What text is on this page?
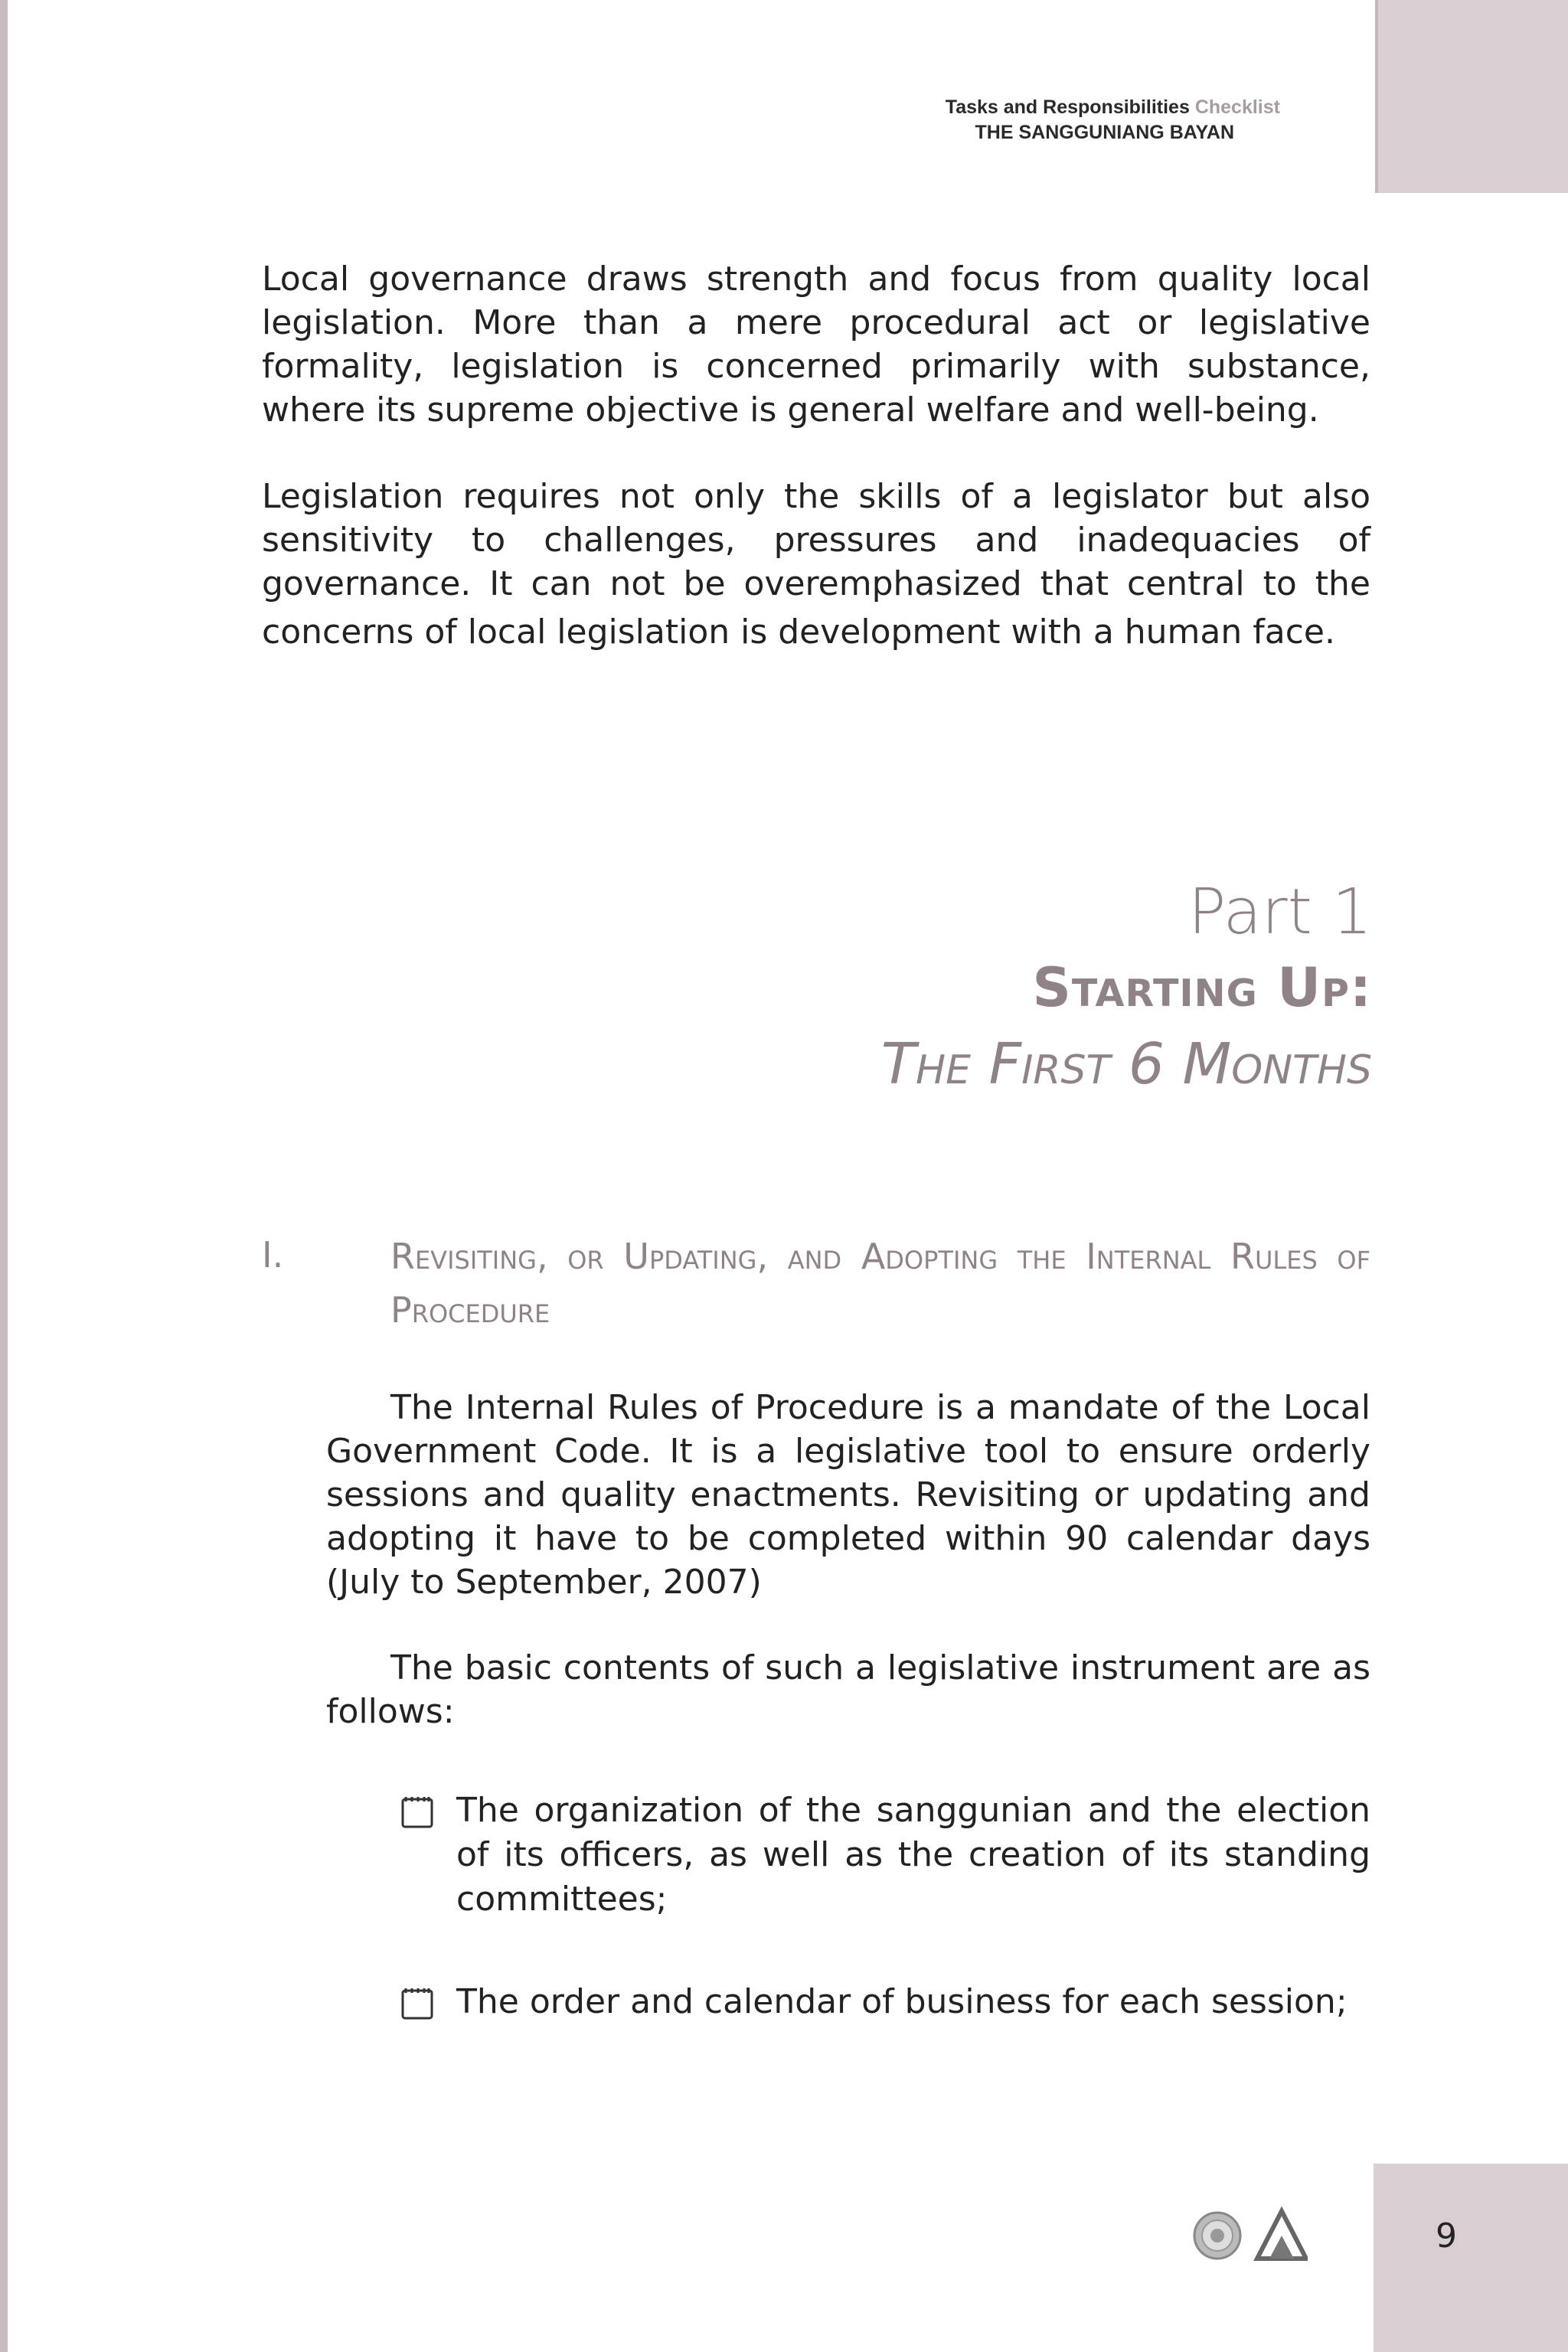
Tasks and Responsibilities Checklist
THE SANGGUNIANG BAYAN

Local governance draws strength and focus from quality local legislation. More than a mere procedural act or legislative formality, legislation is concerned primarily with substance, where its supreme objective is general welfare and well-being.

Legislation requires not only the skills of a legislator but also sensitivity to challenges, pressures and inadequacies of governance. It can not be overemphasized that central to the concerns of local legislation is development with a human face.

Part 1
Starting Up:
The First 6 Months
I.	Revisiting, or Updating, and Adopting the Internal Rules of Procedure

The Internal Rules of Procedure is a mandate of the Local Government Code. It is a legislative tool to ensure orderly sessions and quality enactments. Revisiting or updating and adopting it have to be completed within 90 calendar days (July to September, 2007)

The basic contents of such a legislative instrument are as follows:

The organization of the sanggunian and the election of its officers, as well as the creation of its standing committees;
The order and calendar of business for each session;
9
